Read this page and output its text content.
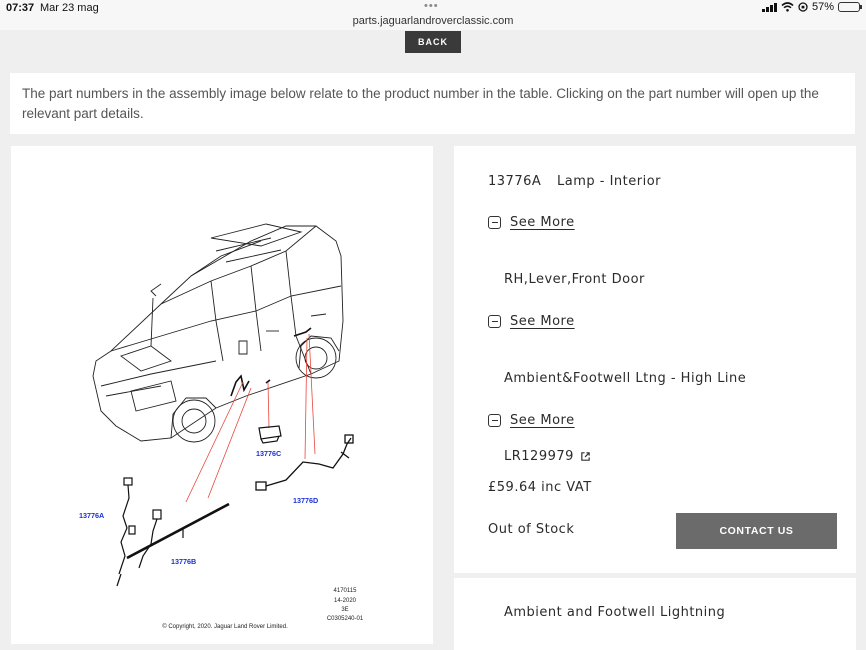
07:37 Mar 23 mag	•••
parts.jaguarlandroverclassic.com
57%
BACK
The part numbers in the assembly image below relate to the product number in the table. Clicking on the part number will open up the relevant part details.
13776A
13776B
13776C
13776D
4170115
14-2020
3E
C0305240-01
© Copyright, 2020. Jaguar Land Rover Limited.
13776A Lamp - Interior
See More
RH,Lever,Front Door
See More
Ambient&Footwell Ltng - High Line
See More
LR129979
£59.64 inc VAT
Out of Stock	CONTACT US
Ambient and Footwell Lightning
